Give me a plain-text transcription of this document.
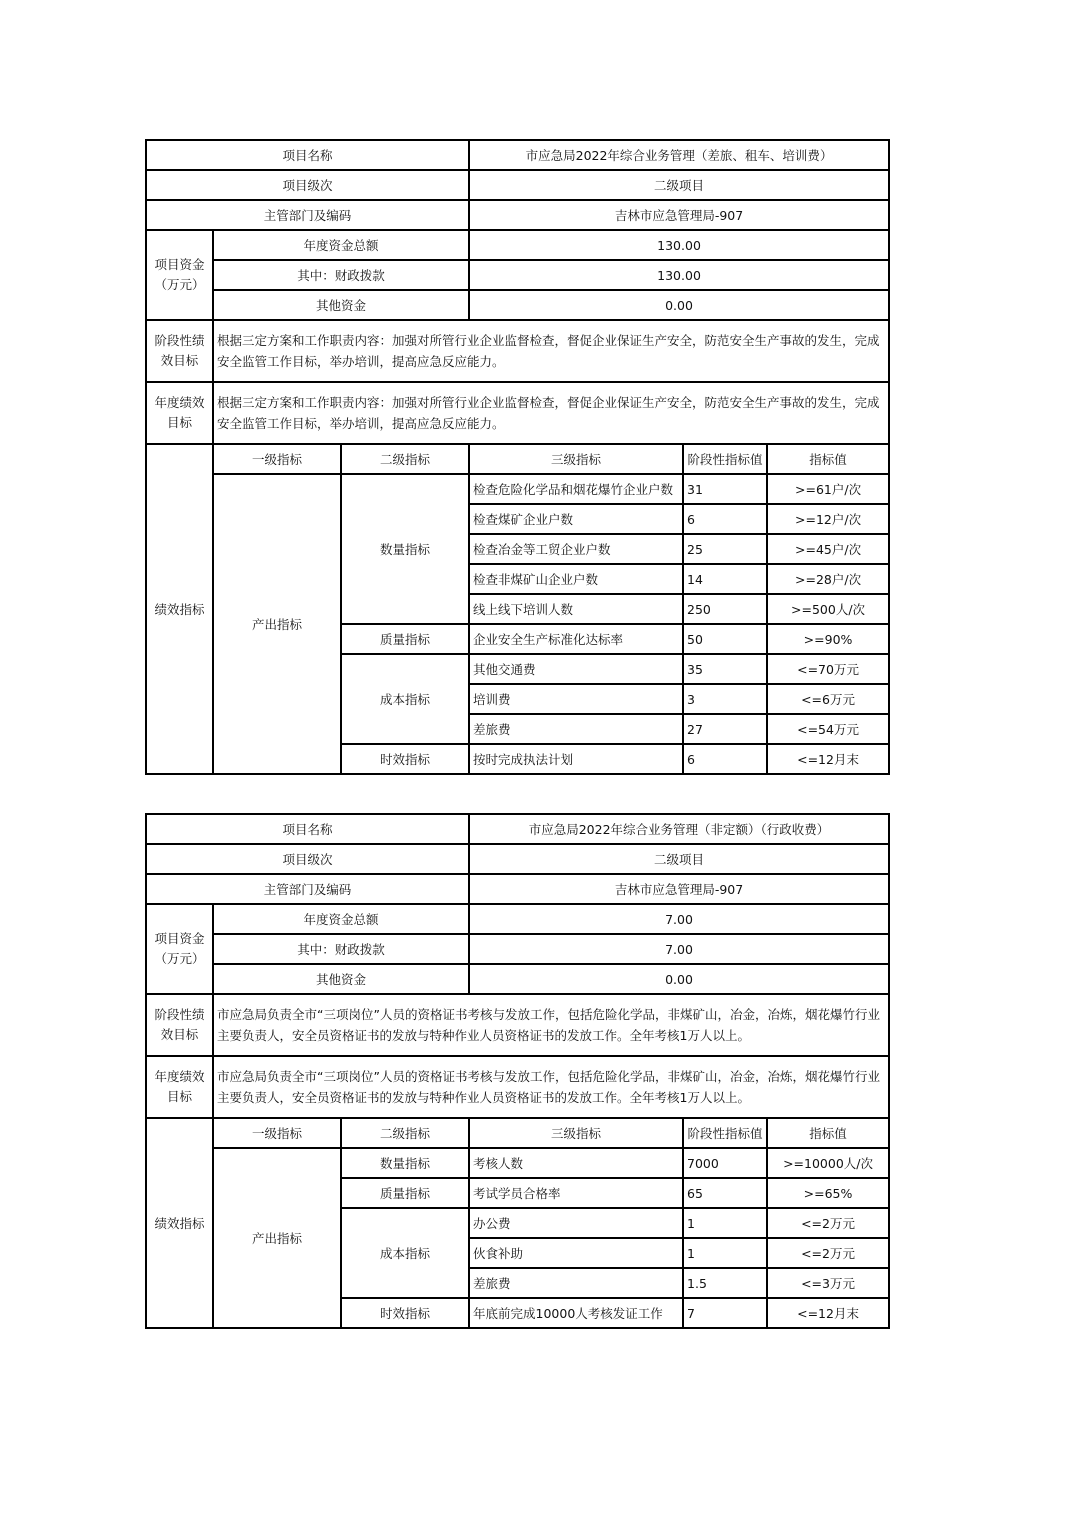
项目名称			市应急局2022年综合业务管理（差旅、租车、培训费）		
项目级次			二级项目		
主管部门及编码			吉林市应急管理局-907		
项目资金（万元）	年度资金总额		130.00		
	其中：财政拨款		130.00		
	其他资金		0.00		
阶段性绩效目标	根据三定方案和工作职责内容：加强对所管行业企业监督检查，督促企业保证生产安全，防范安全生产事故的发生，完成安全监管工作目标，举办培训，提高应急反应能力。				
年度绩效目标	根据三定方案和工作职责内容：加强对所管行业企业监督检查，督促企业保证生产安全，防范安全生产事故的发生，完成安全监管工作目标，举办培训，提高应急反应能力。				
绩效指标	一级指标	二级指标	三级指标	阶段性指标值	指标值
	产出指标	数量指标	检查危险化学品和烟花爆竹企业户数	31	>=61户/次
			检查煤矿企业户数	6	>=12户/次
			检查冶金等工贸企业户数	25	>=45户/次
			检查非煤矿山企业户数	14	>=28户/次
			线上线下培训人数	250	>=500人/次
		质量指标	企业安全生产标准化达标率	50	>=90%
		成本指标	其他交通费	35	<=70万元
			培训费	3	<=6万元
			差旅费	27	<=54万元
		时效指标	按时完成执法计划	6	<=12月末
项目名称			市应急局2022年综合业务管理（非定额）（行政收费）		
项目级次			二级项目		
主管部门及编码			吉林市应急管理局-907		
项目资金（万元）	年度资金总额		7.00		
	其中：财政拨款		7.00		
	其他资金		0.00		
阶段性绩效目标	市应急局负责全市“三项岗位”人员的资格证书考核与发放工作，包括危险化学品，非煤矿山，冶金，冶炼，烟花爆竹行业主要负责人，安全员资格证书的发放与特种作业人员资格证书的发放工作。全年考核1万人以上。				
年度绩效目标	市应急局负责全市“三项岗位”人员的资格证书考核与发放工作，包括危险化学品，非煤矿山，冶金，冶炼，烟花爆竹行业主要负责人，安全员资格证书的发放与特种作业人员资格证书的发放工作。全年考核1万人以上。				
绩效指标	一级指标	二级指标	三级指标	阶段性指标值	指标值
	产出指标	数量指标	考核人数	7000	>=10000人/次
		质量指标	考试学员合格率	65	>=65%
		成本指标	办公费	1	<=2万元
			伙食补助	1	<=2万元
			差旅费	1.5	<=3万元
		时效指标	年底前完成10000人考核发证工作	7	<=12月末
